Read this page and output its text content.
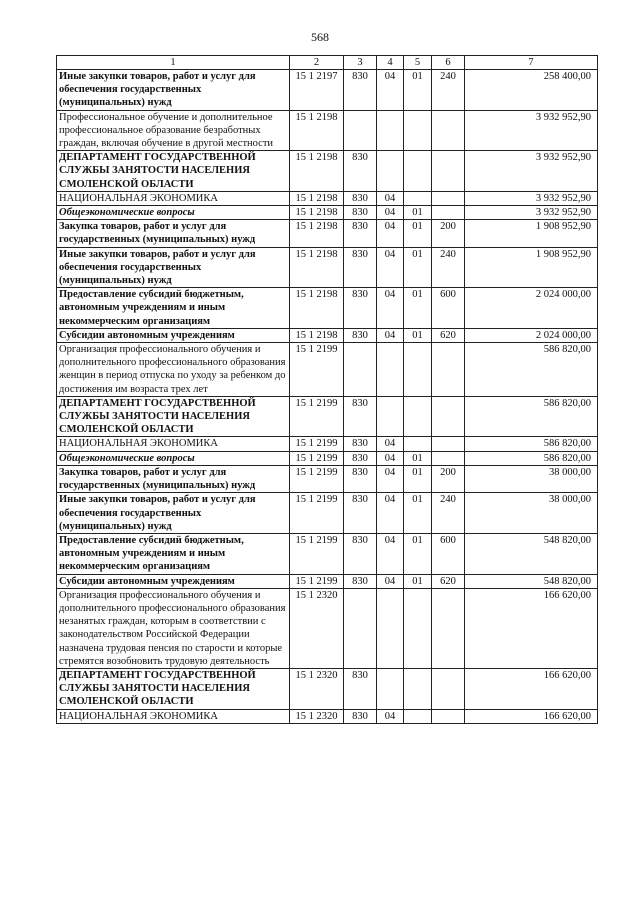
568
1	2	3	4	5	6	7
Иные закупки товаров, работ и услуг для обеспечения государственных (муниципальных) нужд	15 1 2197	830	04	01	240	258 400,00
Профессиональное обучение и дополнительное профессиональное образование безработных граждан, включая обучение в другой местности	15 1 2198					3 932 952,90
ДЕПАРТАМЕНТ ГОСУДАРСТВЕННОЙ СЛУЖБЫ ЗАНЯТОСТИ НАСЕЛЕНИЯ СМОЛЕНСКОЙ ОБЛАСТИ	15 1 2198	830				3 932 952,90
НАЦИОНАЛЬНАЯ ЭКОНОМИКА	15 1 2198	830	04			3 932 952,90
Общеэкономические вопросы	15 1 2198	830	04	01		3 932 952,90
Закупка товаров, работ и услуг для государственных (муниципальных) нужд	15 1 2198	830	04	01	200	1 908 952,90
Иные закупки товаров, работ и услуг для обеспечения государственных (муниципальных) нужд	15 1 2198	830	04	01	240	1 908 952,90
Предоставление субсидий бюджетным, автономным учреждениям и иным некоммерческим организациям	15 1 2198	830	04	01	600	2 024 000,00
Субсидии автономным учреждениям	15 1 2198	830	04	01	620	2 024 000,00
Организация профессионального обучения и дополнительного профессионального образования женщин в период отпуска по уходу за ребенком до достижения им возраста трех лет	15 1 2199					586 820,00
ДЕПАРТАМЕНТ ГОСУДАРСТВЕННОЙ СЛУЖБЫ ЗАНЯТОСТИ НАСЕЛЕНИЯ СМОЛЕНСКОЙ ОБЛАСТИ	15 1 2199	830				586 820,00
НАЦИОНАЛЬНАЯ ЭКОНОМИКА	15 1 2199	830	04			586 820,00
Общеэкономические вопросы	15 1 2199	830	04	01		586 820,00
Закупка товаров, работ и услуг для государственных (муниципальных) нужд	15 1 2199	830	04	01	200	38 000,00
Иные закупки товаров, работ и услуг для обеспечения государственных (муниципальных) нужд	15 1 2199	830	04	01	240	38 000,00
Предоставление субсидий бюджетным, автономным учреждениям и иным некоммерческим организациям	15 1 2199	830	04	01	600	548 820,00
Субсидии автономным учреждениям	15 1 2199	830	04	01	620	548 820,00
Организация профессионального обучения и дополнительного профессионального образования незанятых граждан, которым в соответствии с законодательством Российской Федерации назначена трудовая пенсия по старости и которые стремятся возобновить трудовую деятельность	15 1 2320					166 620,00
ДЕПАРТАМЕНТ ГОСУДАРСТВЕННОЙ СЛУЖБЫ ЗАНЯТОСТИ НАСЕЛЕНИЯ СМОЛЕНСКОЙ ОБЛАСТИ	15 1 2320	830				166 620,00
НАЦИОНАЛЬНАЯ ЭКОНОМИКА	15 1 2320	830	04			166 620,00
